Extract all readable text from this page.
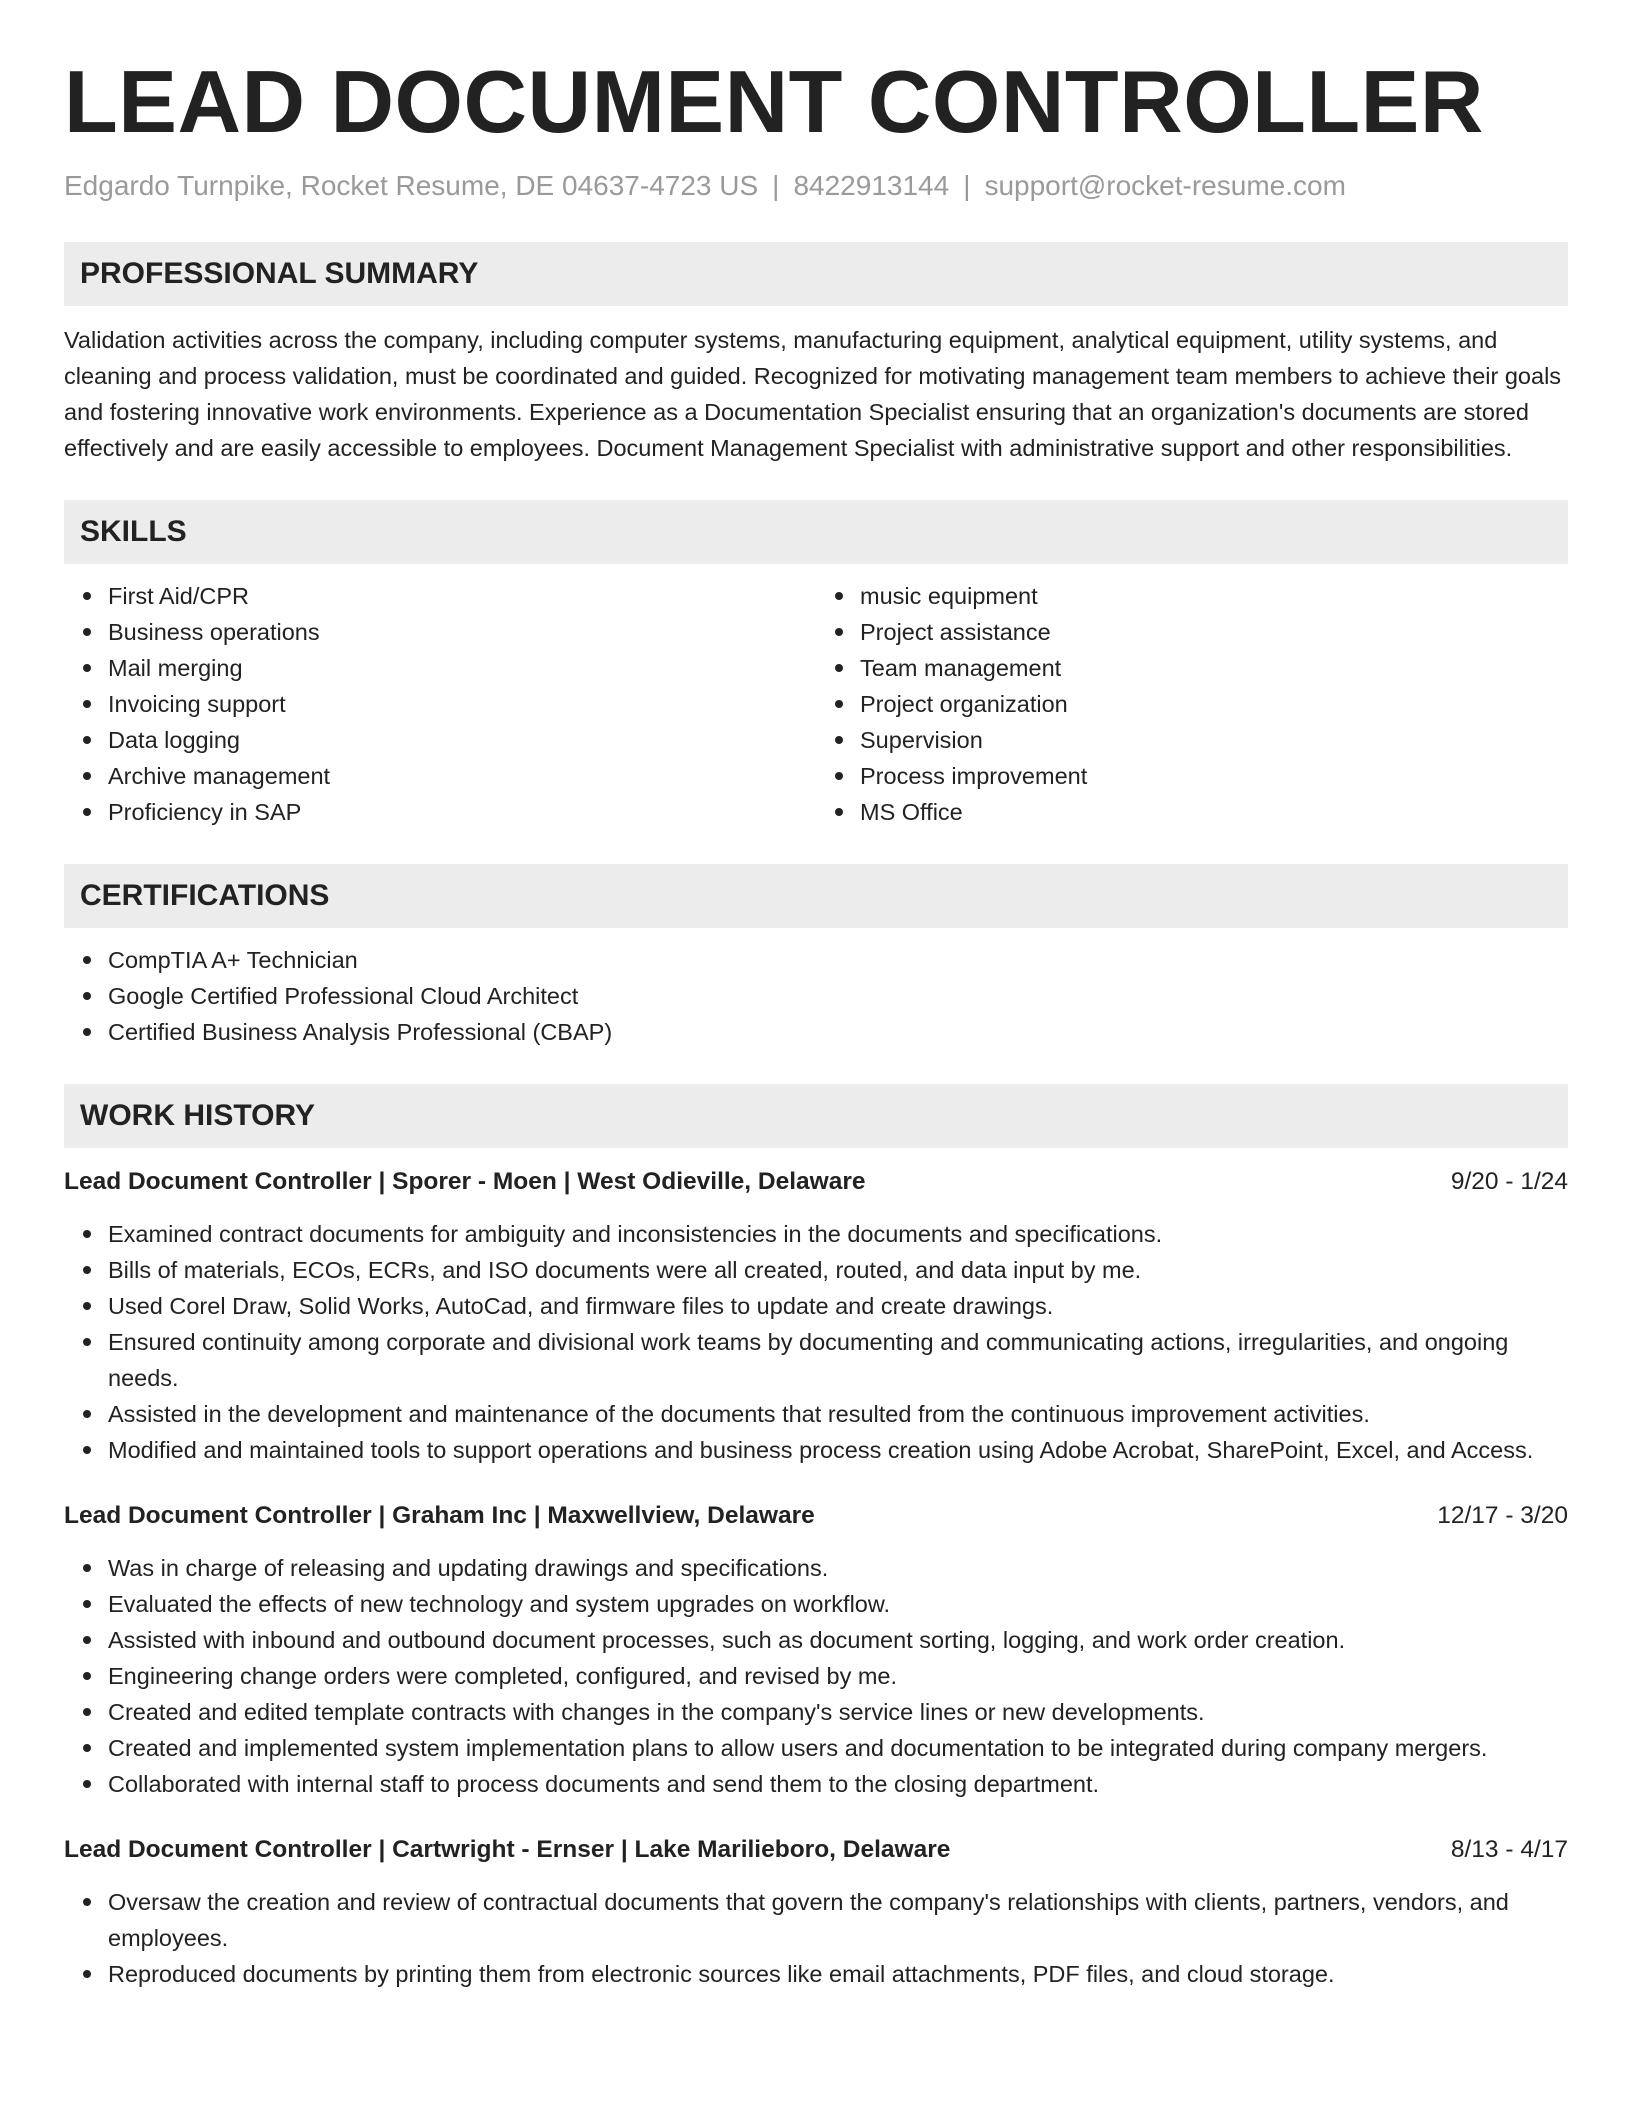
LEAD DOCUMENT CONTROLLER
Edgardo Turnpike, Rocket Resume, DE 04637-4723 US | 8422913144 | support@rocket-resume.com
PROFESSIONAL SUMMARY

Validation activities across the company, including computer systems, manufacturing equipment, analytical equipment, utility systems, and cleaning and process validation, must be coordinated and guided. Recognized for motivating management team members to achieve their goals and fostering innovative work environments. Experience as a Documentation Specialist ensuring that an organization's documents are stored effectively and are easily accessible to employees. Document Management Specialist with administrative support and other responsibilities.

SKILLS
First Aid/CPR
Business operations
Mail merging
Invoicing support
Data logging
Archive management
Proficiency in SAP
music equipment
Project assistance
Team management
Project organization
Supervision
Process improvement
MS Office
CERTIFICATIONS
CompTIA A+ Technician
Google Certified Professional Cloud Architect
Certified Business Analysis Professional (CBAP)
WORK HISTORY
Lead Document Controller | Sporer - Moen | West Odieville, Delaware	9/20 - 1/24
Examined contract documents for ambiguity and inconsistencies in the documents and specifications.
Bills of materials, ECOs, ECRs, and ISO documents were all created, routed, and data input by me.
Used Corel Draw, Solid Works, AutoCad, and firmware files to update and create drawings.
Ensured continuity among corporate and divisional work teams by documenting and communicating actions, irregularities, and ongoing needs.
Assisted in the development and maintenance of the documents that resulted from the continuous improvement activities.
Modified and maintained tools to support operations and business process creation using Adobe Acrobat, SharePoint, Excel, and Access.
Lead Document Controller | Graham Inc | Maxwellview, Delaware	12/17 - 3/20
Was in charge of releasing and updating drawings and specifications.
Evaluated the effects of new technology and system upgrades on workflow.
Assisted with inbound and outbound document processes, such as document sorting, logging, and work order creation.
Engineering change orders were completed, configured, and revised by me.
Created and edited template contracts with changes in the company's service lines or new developments.
Created and implemented system implementation plans to allow users and documentation to be integrated during company mergers.
Collaborated with internal staff to process documents and send them to the closing department.
Lead Document Controller | Cartwright - Ernser | Lake Marilieboro, Delaware	8/13 - 4/17
Oversaw the creation and review of contractual documents that govern the company's relationships with clients, partners, vendors, and employees.
Reproduced documents by printing them from electronic sources like email attachments, PDF files, and cloud storage.
